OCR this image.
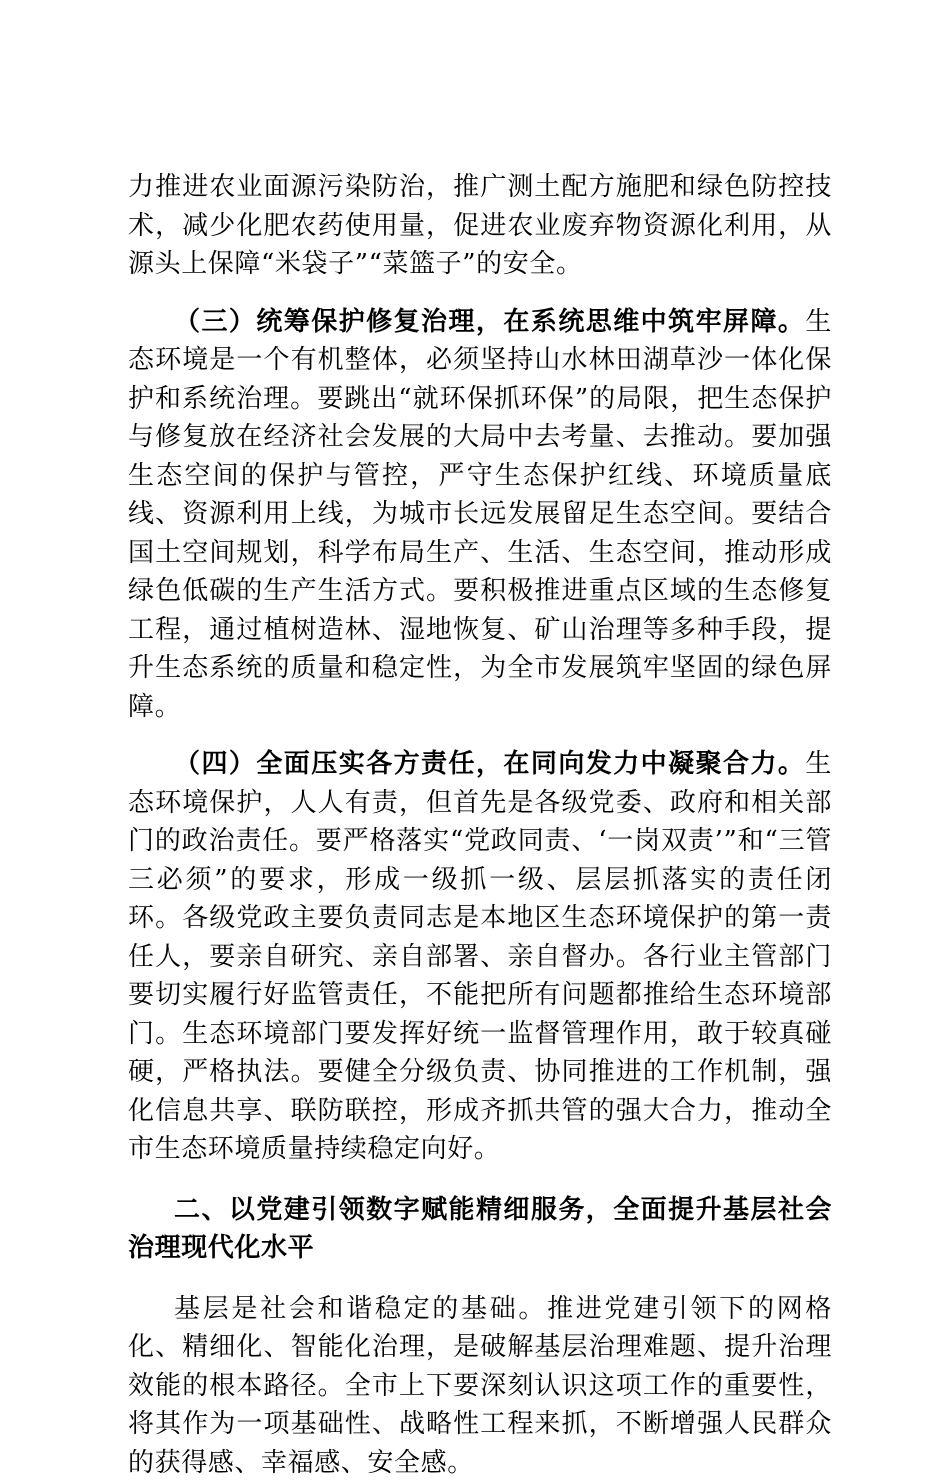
力推进农业面源污染防治，推广测土配方施肥和绿色防控技术，减少化肥农药使用量，促进农业废弃物资源化利用，从源头上保障“米袋子”“菜篮子”的安全。

（三）统筹保护修复治理，在系统思维中筑牢屏障。生态环境是一个有机整体，必须坚持山水林田湖草沙一体化保护和系统治理。要跳出“就环保抓环保”的局限，把生态保护与修复放在经济社会发展的大局中去考量、去推动。要加强生态空间的保护与管控，严守生态保护红线、环境质量底线、资源利用上线，为城市长远发展留足生态空间。要结合国土空间规划，科学布局生产、生活、生态空间，推动形成绿色低碳的生产生活方式。要积极推进重点区域的生态修复工程，通过植树造林、湿地恢复、矿山治理等多种手段，提升生态系统的质量和稳定性，为全市发展筑牢坚固的绿色屏障。

（四）全面压实各方责任，在同向发力中凝聚合力。生态环境保护，人人有责，但首先是各级党委、政府和相关部门的政治责任。要严格落实“党政同责、‘一岗双责’”和“三管三必须”的要求，形成一级抓一级、层层抓落实的责任闭环。各级党政主要负责同志是本地区生态环境保护的第一责任人，要亲自研究、亲自部署、亲自督办。各行业主管部门要切实履行好监管责任，不能把所有问题都推给生态环境部门。生态环境部门要发挥好统一监督管理作用，敢于较真碰硬，严格执法。要健全分级负责、协同推进的工作机制，强化信息共享、联防联控，形成齐抓共管的强大合力，推动全市生态环境质量持续稳定向好。

二、以党建引领数字赋能精细服务，全面提升基层社会治理现代化水平

基层是社会和谐稳定的基础。推进党建引领下的网格化、精细化、智能化治理，是破解基层治理难题、提升治理效能的根本路径。全市上下要深刻认识这项工作的重要性，将其作为一项基础性、战略性工程来抓，不断增强人民群众的获得感、幸福感、安全感。
